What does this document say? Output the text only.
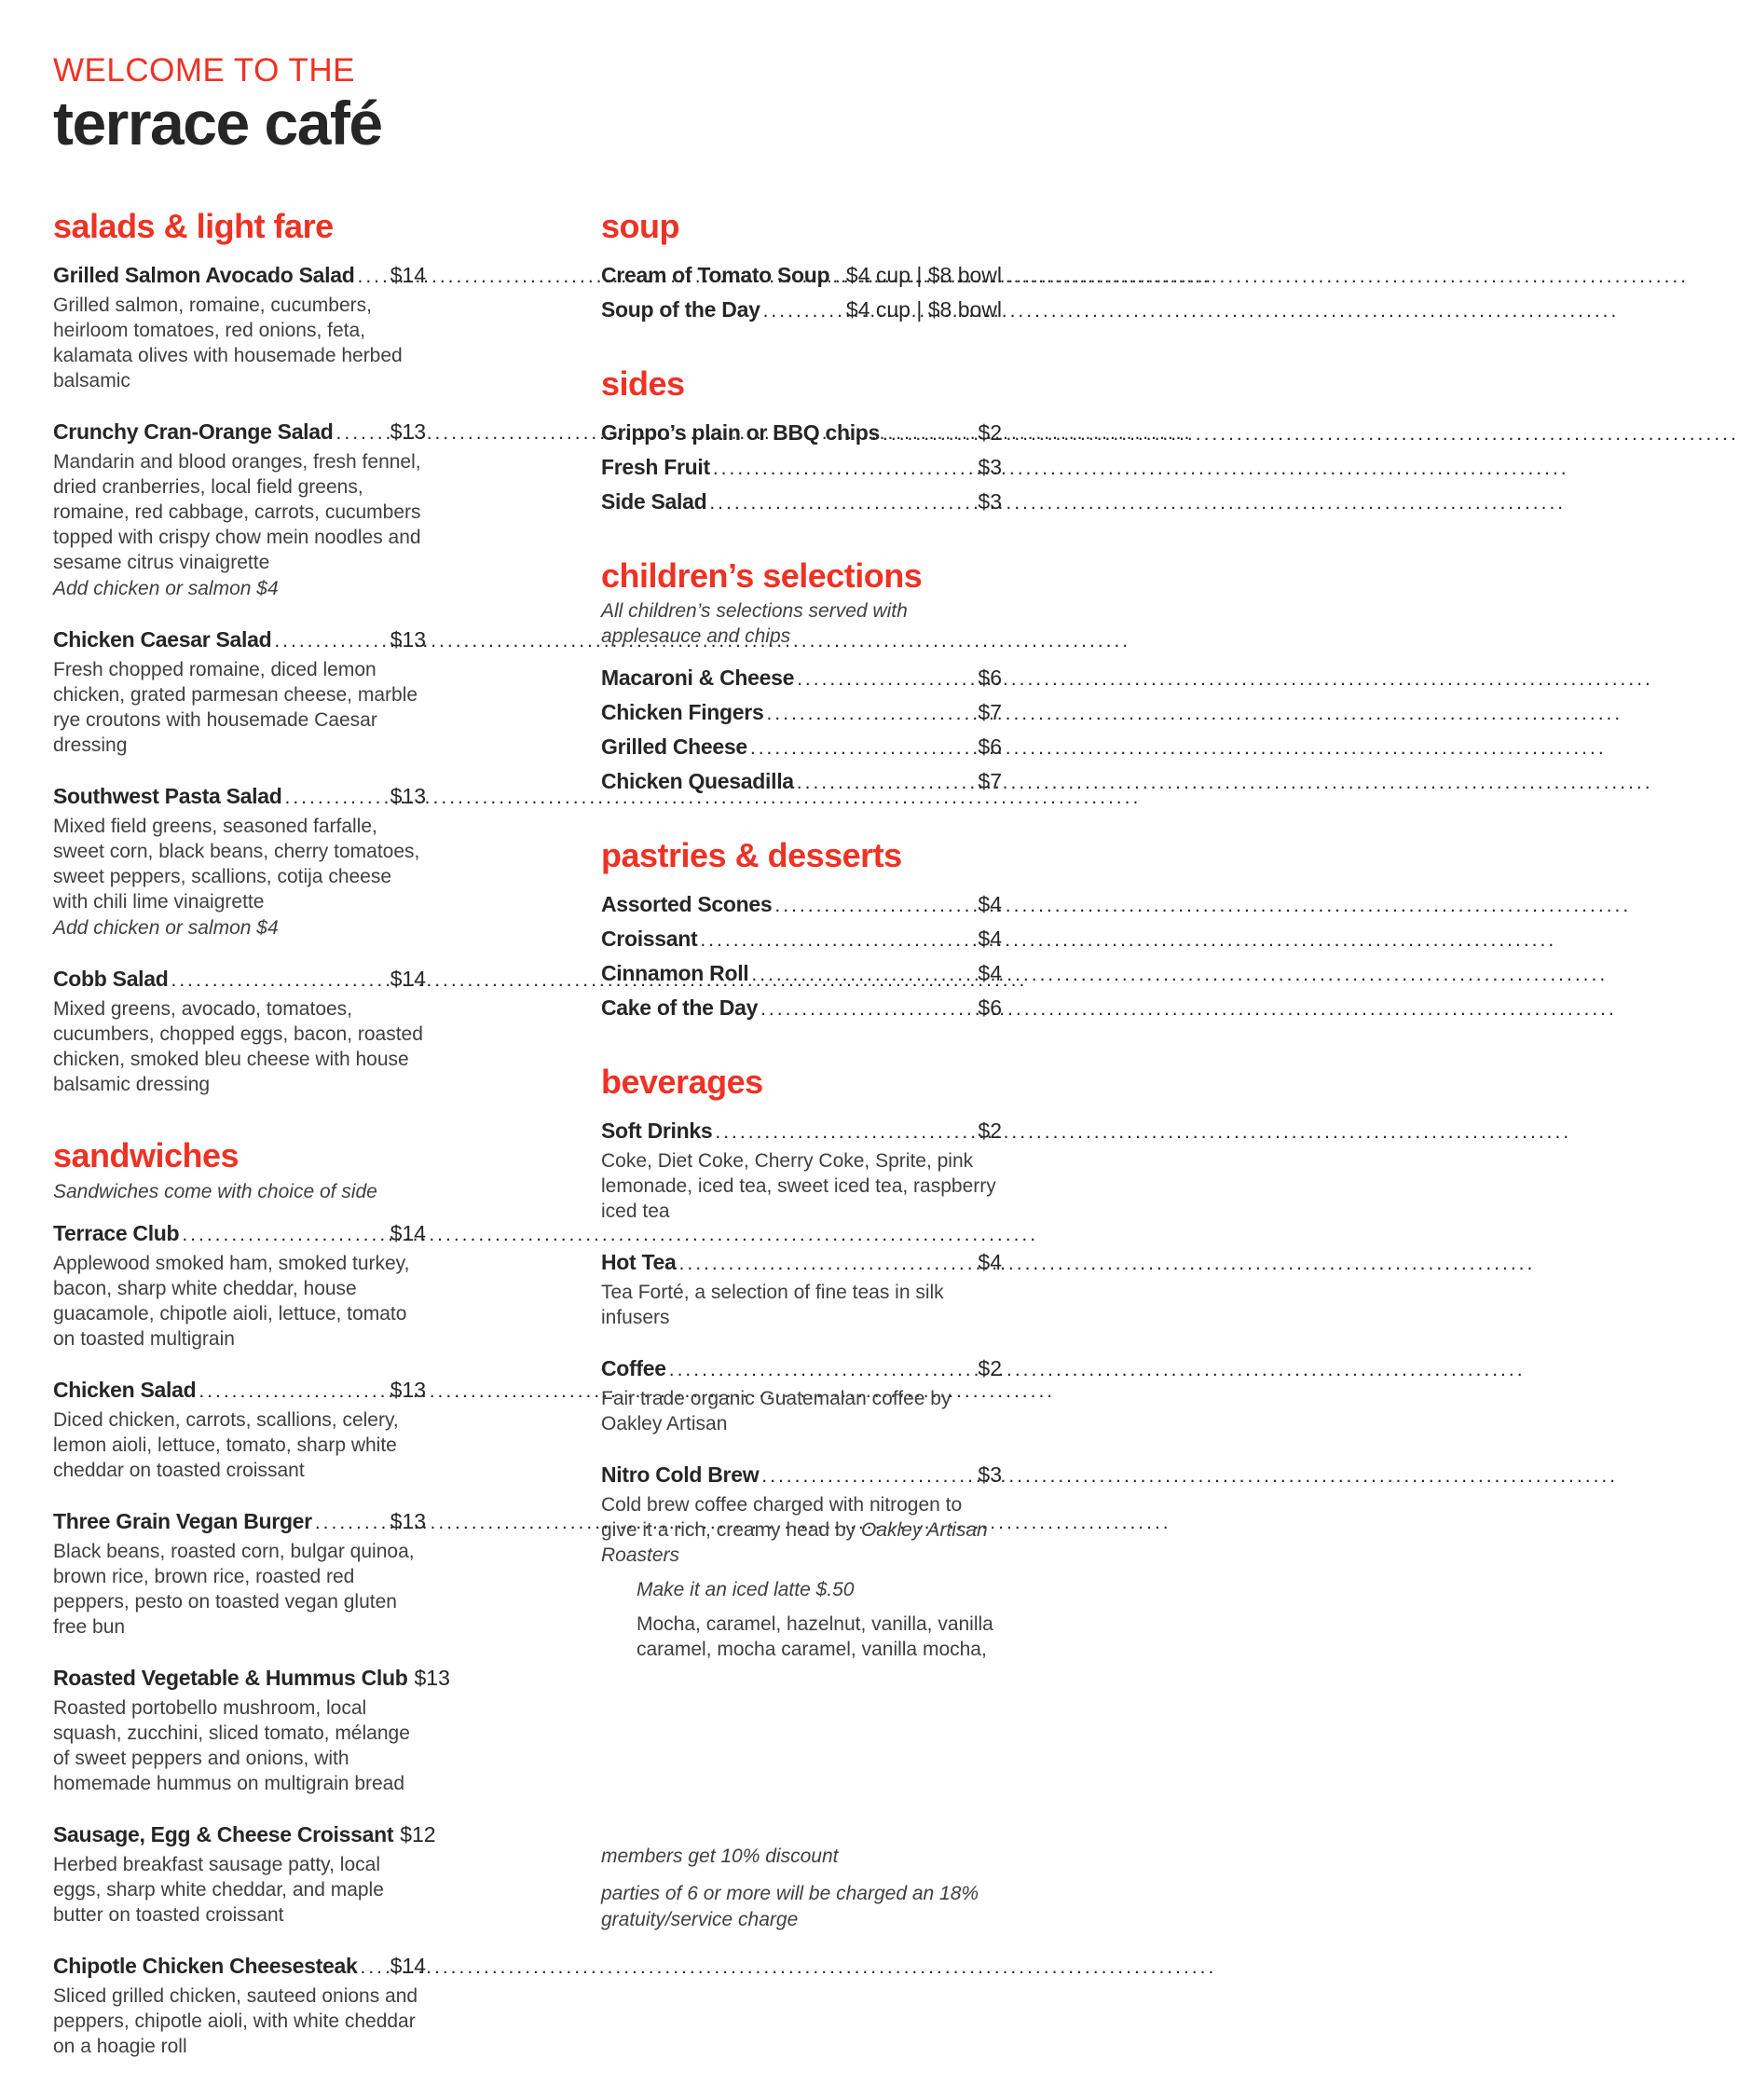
WELCOME TO THE
terrace café
salads & light fare
Grilled Salmon Avocado Salad ..... $14

Grilled salmon, romaine, cucumbers, heirloom tomatoes, red onions, feta, kalamata olives with housemade herbed balsamic

Crunchy Cran-Orange Salad .....	$13

Mandarin and blood oranges, fresh fennel, dried cranberries, local field greens, romaine, red cabbage, carrots, cucumbers topped with crispy chow mein noodles and sesame citrus vinaigrette

Add chicken or salmon $4

Chicken Caesar Salad .....	$13

Fresh chopped romaine, diced lemon chicken, grated parmesan cheese, marble rye croutons with housemade Caesar dressing

Southwest Pasta Salad .....	$13

Mixed field greens, seasoned farfalle, sweet corn, black beans, cherry tomatoes, sweet peppers, scallions, cotija cheese with chili lime vinaigrette

Add chicken or salmon $4

Cobb Salad .....	$14

Mixed greens, avocado, tomatoes, cucumbers, chopped eggs, bacon, roasted chicken, smoked bleu cheese with house balsamic dressing

sandwiches

Sandwiches come with choice of side

Terrace Club .....	$14

Applewood smoked ham, smoked turkey, bacon, sharp white cheddar, house guacamole, chipotle aioli, lettuce, tomato on toasted multigrain

Chicken Salad .....	$13

Diced chicken, carrots, scallions, celery, lemon aioli, lettuce, tomato, sharp white cheddar on toasted croissant

Three Grain Vegan Burger .....	$13

Black beans, roasted corn, bulgar quinoa, brown rice, brown rice, roasted red peppers, pesto on toasted vegan gluten free bun

Roasted Vegetable & Hummus Club $13

Roasted portobello mushroom, local squash, zucchini, sliced tomato, mélange of sweet peppers and onions, with homemade hummus on multigrain bread

Sausage, Egg & Cheese Croissant $12

Herbed breakfast sausage patty, local eggs, sharp white cheddar, and maple butter on toasted croissant

Chipotle Chicken Cheesesteak ..... $14

Sliced grilled chicken, sauteed onions and peppers, chipotle aioli, with white cheddar on a hoagie roll

soup
Cream of Tomato Soup ..... $4 cup | $8 bowl
Soup of the Day .....	$4 cup | $8 bowl
sides
Grippo’s plain or BBQ chips .....	$2
Fresh Fruit .....	$3
Side Salad .....	$3
children’s selections

All children’s selections served with applesauce and chips

Macaroni & Cheese .....	$6
Chicken Fingers .....	$7
Grilled Cheese .....	$6
Chicken Quesadilla .....	$7
pastries & desserts
Assorted Scones .....	$4
Croissant .....	$4
Cinnamon Roll .....	$4
Cake of the Day .....	$6
beverages
Soft Drinks .....	$2

Coke, Diet Coke, Cherry Coke, Sprite, pink lemonade, iced tea, sweet iced tea, raspberry iced tea

Hot Tea .....	$4

Tea Forté, a selection of fine teas in silk infusers

Coffee .....	$2

Fair trade organic Guatemalan coffee by Oakley Artisan

Nitro Cold Brew .....	$3

Cold brew coffee charged with nitrogen to give it a rich, creamy head by Oakley Artisan Roasters

Make it an iced latte $.50

Mocha, caramel, hazelnut, vanilla, vanilla caramel, mocha caramel, vanilla mocha,

members get 10% discount

parties of 6 or more will be charged an 18% gratuity/service charge
